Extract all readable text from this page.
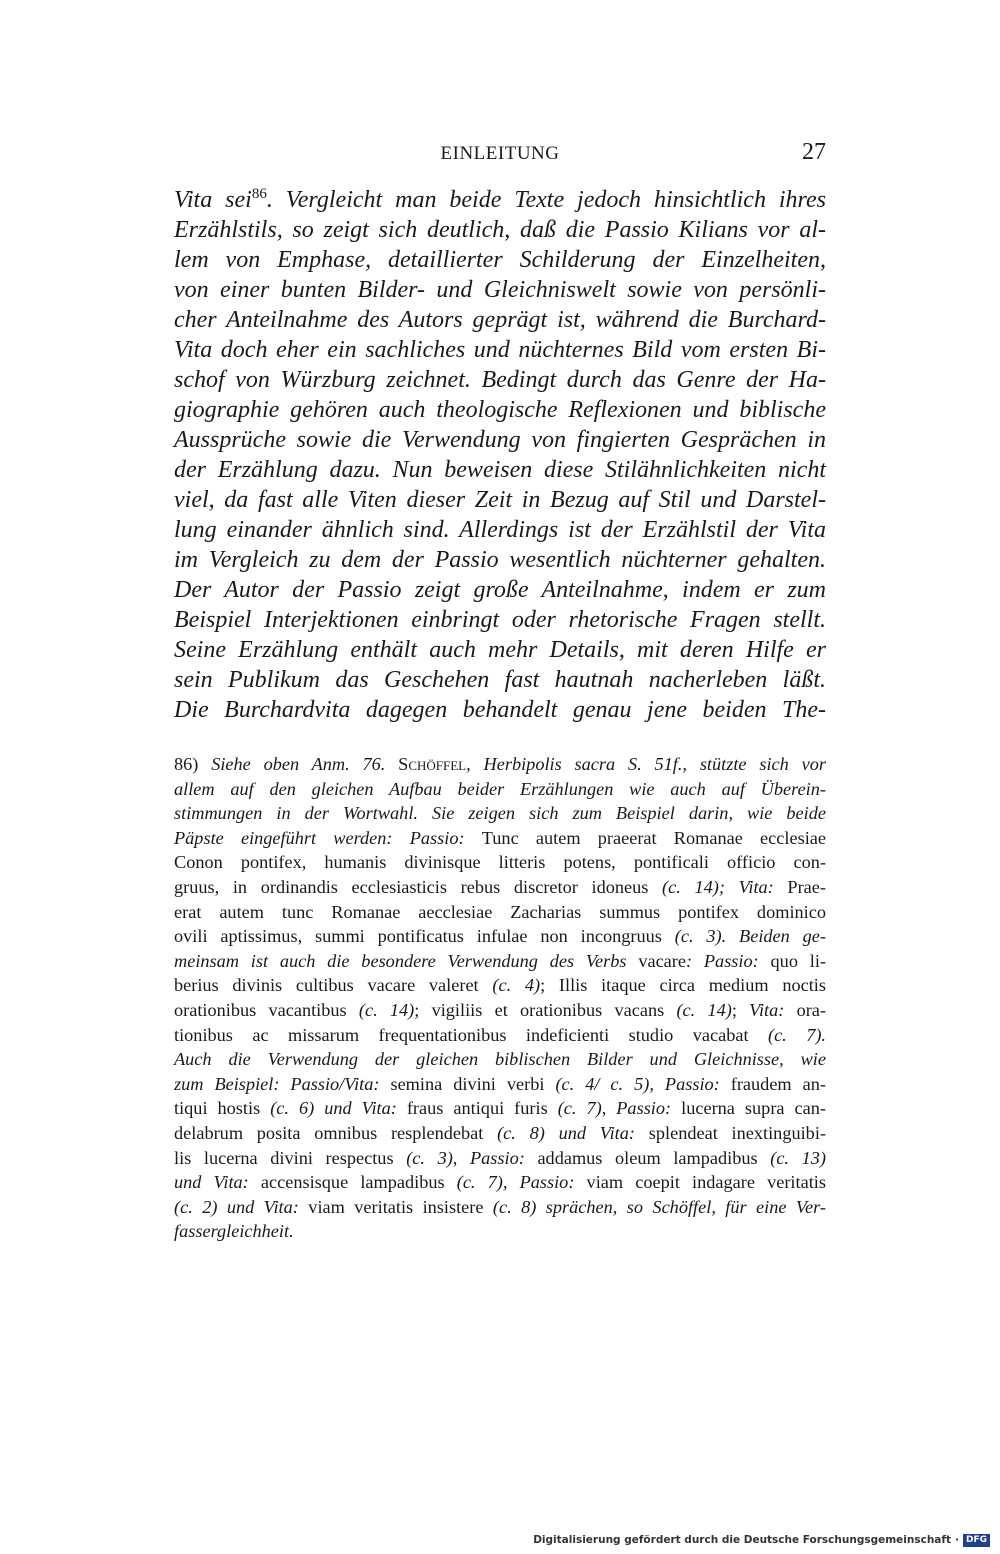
EINLEITUNG	27
Vita sei$^{86}$. Vergleicht man beide Texte jedoch hinsichtlich ihres
Erzählstils, so zeigt sich deutlich, daß die Passio Kilians vor al-
lem von Emphase, detaillierter Schilderung der Einzelheiten,
von einer bunten Bilder- und Gleichniswelt sowie von persönli-
cher Anteilnahme des Autors geprägt ist, während die Burchard-
Vita doch eher ein sachliches und nüchternes Bild vom ersten Bi-
schof von Würzburg zeichnet. Bedingt durch das Genre der Ha-
giographie gehören auch theologische Reflexionen und biblische
Aussprüche sowie die Verwendung von fingierten Gesprächen in
der Erzählung dazu. Nun beweisen diese Stilähnlichkeiten nicht
viel, da fast alle Viten dieser Zeit in Bezug auf Stil und Darstel-
lung einander ähnlich sind. Allerdings ist der Erzählstil der Vita
im Vergleich zu dem der Passio wesentlich nüchterner gehalten.
Der Autor der Passio zeigt große Anteilnahme, indem er zum
Beispiel Interjektionen einbringt oder rhetorische Fragen stellt.
Seine Erzählung enthält auch mehr Details, mit deren Hilfe er
sein Publikum das Geschehen fast hautnah nacherleben läßt.
Die Burchardvita dagegen behandelt genau jene beiden The-
86) Siehe oben Anm. 76. Schöffel, Herbipolis sacra S. 51f., stützte sich vor
allem auf den gleichen Aufbau beider Erzählungen wie auch auf Überein-
stimmungen in der Wortwahl. Sie zeigen sich zum Beispiel darin, wie beide
Päpste eingeführt werden: Passio: Tunc autem praeerat Romanae ecclesiae
Conon pontifex, humanis divinisque litteris potens, pontificali officio con-
gruus, in ordinandis ecclesiasticis rebus discretor idoneus (c. 14); Vita: Prae-
erat autem tunc Romanae aecclesiae Zacharias summus pontifex dominico
ovili aptissimus, summi pontificatus infulae non incongruus (c. 3). Beiden ge-
meinsam ist auch die besondere Verwendung des Verbs vacare: Passio: quo li-
berius divinis cultibus vacare valeret (c. 4); Illis itaque circa medium noctis
orationibus vacantibus (c. 14); vigiliis et orationibus vacans (c. 14); Vita: ora-
tionibus ac missarum frequentationibus indeficienti studio vacabat (c. 7).
Auch die Verwendung der gleichen biblischen Bilder und Gleichnisse, wie
zum Beispiel: Passio/Vita: semina divini verbi (c. 4/ c. 5), Passio: fraudem an-
tiqui hostis (c. 6) und Vita: fraus antiqui furis (c. 7), Passio: lucerna supra can-
delabrum posita omnibus resplendebat (c. 8) und Vita: splendeat inextinguibi-
lis lucerna divini respectus (c. 3), Passio: addamus oleum lampadibus (c. 13)
und Vita: accensisque lampadibus (c. 7), Passio: viam coepit indagare veritatis
(c. 2) und Vita: viam veritatis insistere (c. 8) sprächen, so Schöffel, für eine Ver-
fassergleichheit.
Digitalisierung gefördert durch die Deutsche Forschungsgemeinschaft · DFG
